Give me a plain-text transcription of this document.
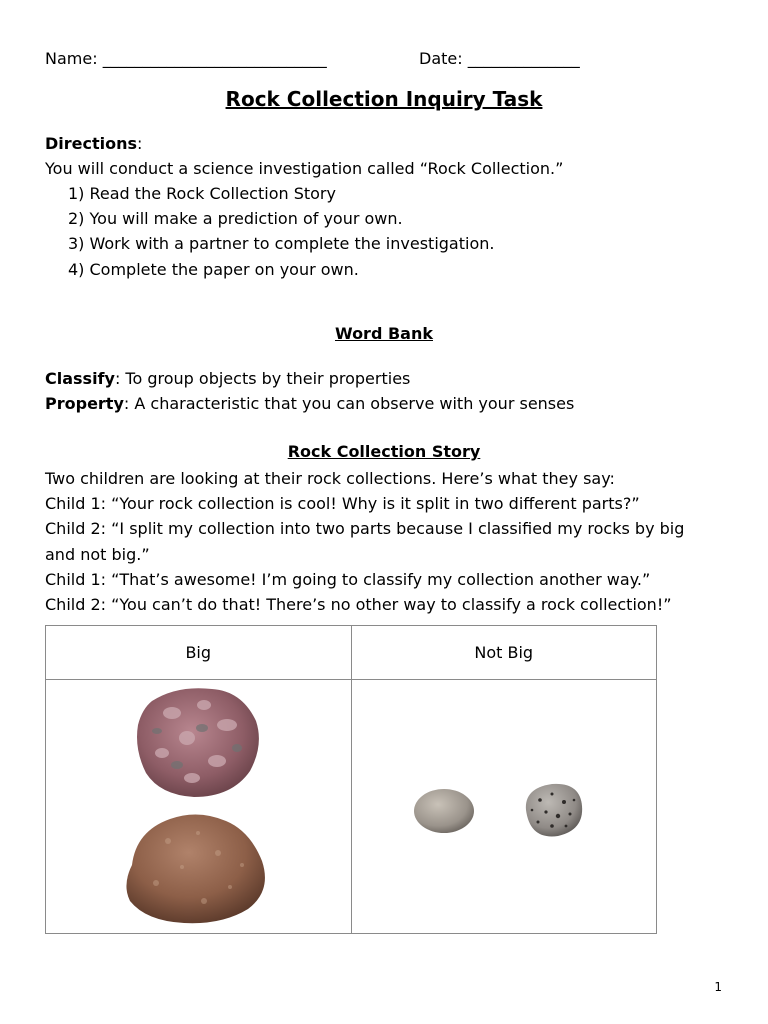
Name: ____________________________	Date: ______________
Rock Collection Inquiry Task
Directions:
You will conduct a science investigation called “Rock Collection.”
1) Read the Rock Collection Story
2) You will make a prediction of your own.
3) Work with a partner to complete the investigation.
4) Complete the paper on your own.
Word Bank
Classify: To group objects by their properties
Property: A characteristic that you can observe with your senses
Rock Collection Story
Two children are looking at their rock collections. Here’s what they say:
Child 1: “Your rock collection is cool! Why is it split in two different parts?”
Child 2: “I split my collection into two parts because I classified my rocks by big
and not big.”
Child 1: “That’s awesome! I’m going to classify my collection another way.”
Child 2: “You can’t do that! There’s no other way to classify a rock collection!”
Big	Not Big

1
